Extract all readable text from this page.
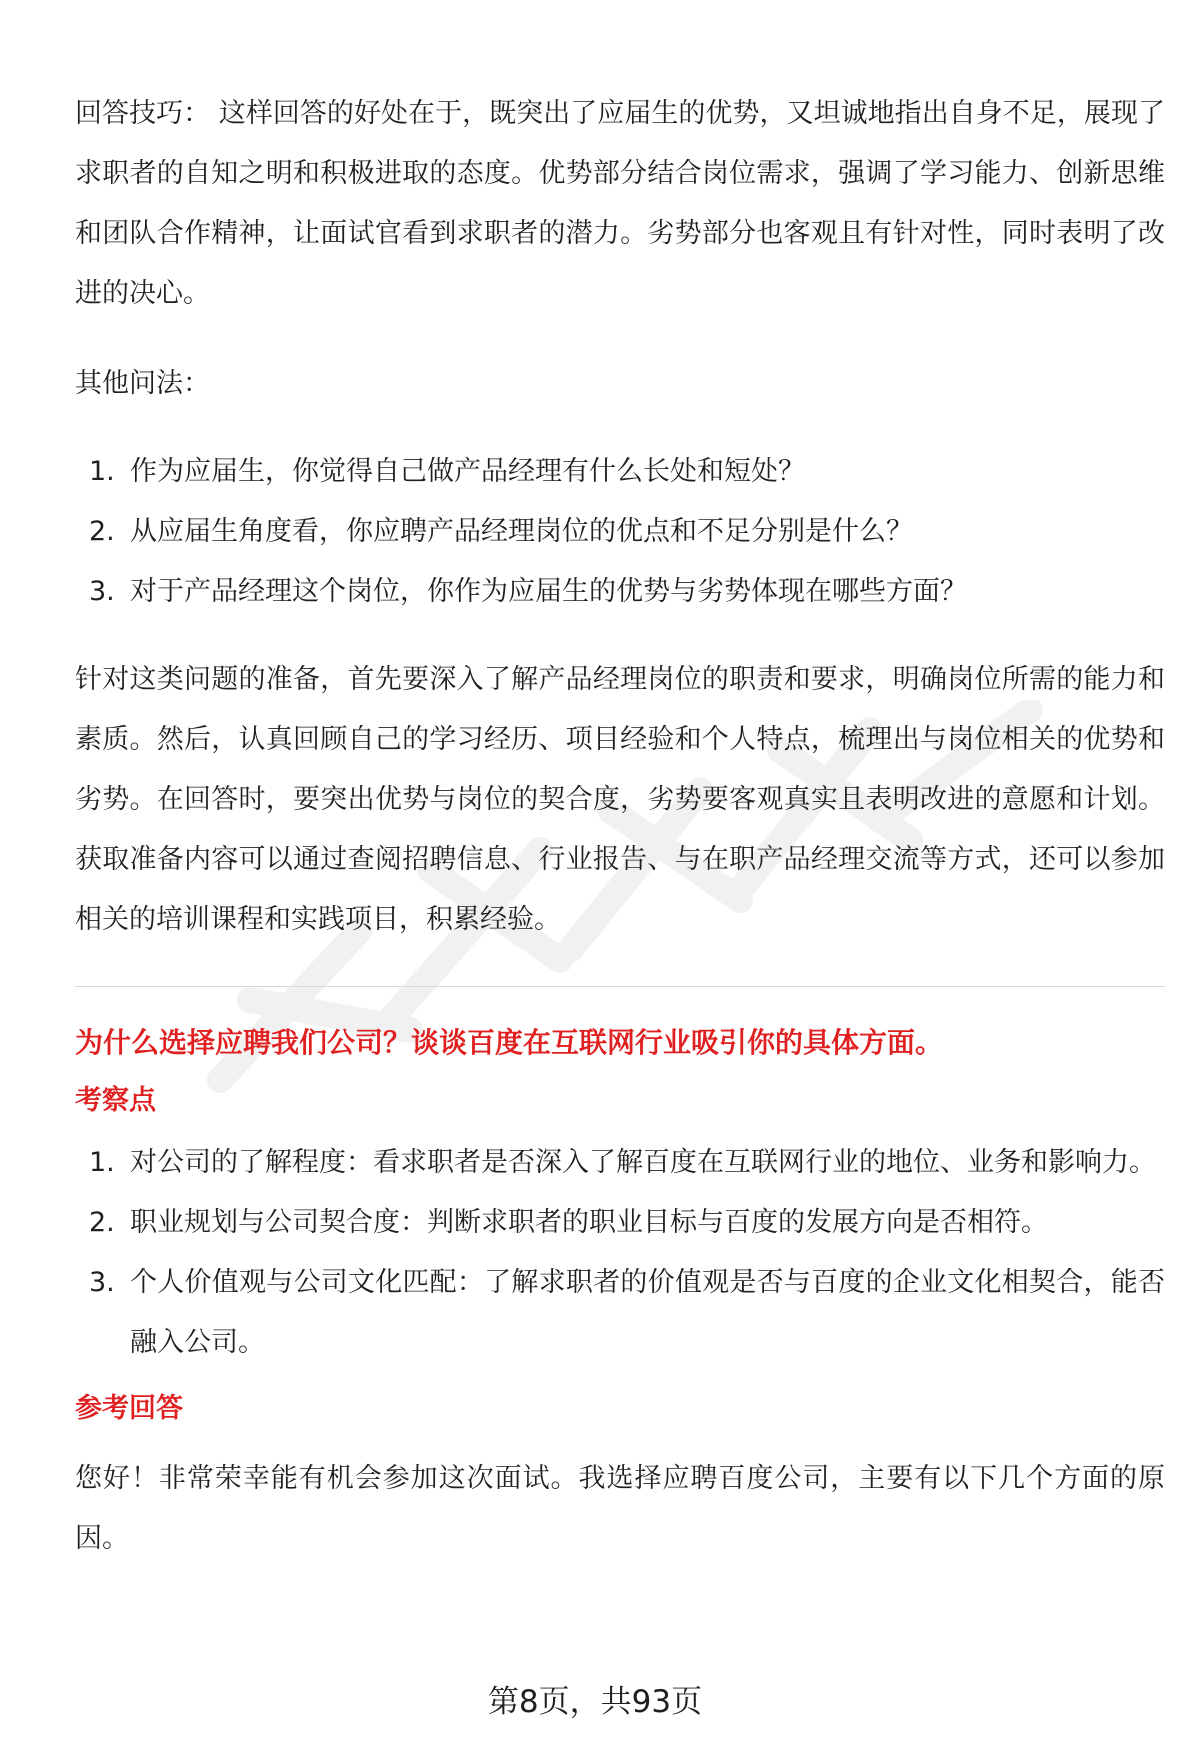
回答技巧： 这样回答的好处在于，既突出了应届生的优势，又坦诚地指出自身不足，展现了求职者的自知之明和积极进取的态度。优势部分结合岗位需求，强调了学习能力、创新思维和团队合作精神，让面试官看到求职者的潜力。劣势部分也客观且有针对性，同时表明了改进的决心。

其他问法：

1. 作为应届生，你觉得自己做产品经理有什么长处和短处？
2. 从应届生角度看，你应聘产品经理岗位的优点和不足分别是什么？
3. 对于产品经理这个岗位，你作为应届生的优势与劣势体现在哪些方面？

针对这类问题的准备，首先要深入了解产品经理岗位的职责和要求，明确岗位所需的能力和素质。然后，认真回顾自己的学习经历、项目经验和个人特点，梳理出与岗位相关的优势和劣势。在回答时，要突出优势与岗位的契合度，劣势要客观真实且表明改进的意愿和计划。获取准备内容可以通过查阅招聘信息、行业报告、与在职产品经理交流等方式，还可以参加相关的培训课程和实践项目，积累经验。

为什么选择应聘我们公司？谈谈百度在互联网行业吸引你的具体方面。

考察点

1. 对公司的了解程度：看求职者是否深入了解百度在互联网行业的地位、业务和影响力。
2. 职业规划与公司契合度：判断求职者的职业目标与百度的发展方向是否相符。
3. 个人价值观与公司文化匹配：了解求职者的价值观是否与百度的企业文化相契合，能否融入公司。

参考回答

您好！非常荣幸能有机会参加这次面试。我选择应聘百度公司，主要有以下几个方面的原因。

第8页，共93页
